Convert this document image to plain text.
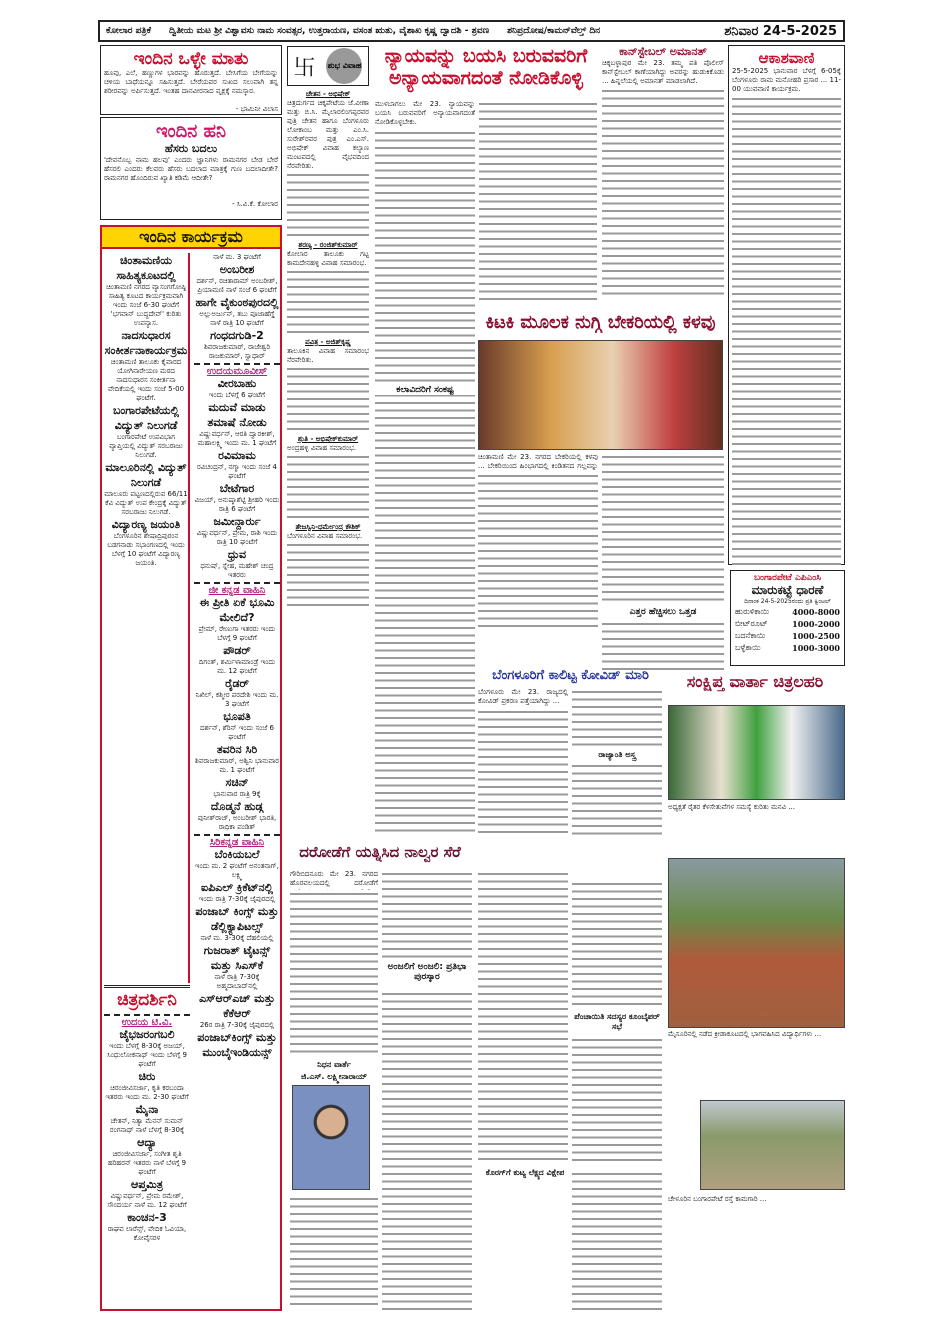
ಕೋಲಾರ ಪತ್ರಿಕೆ ದ್ವಿತೀಯ ಮಟ ಶ್ರೀ ವಿಶ್ವಾವಸು ನಾಮ ಸಂವತ್ಸರ, ಉತ್ತರಾಯಣ, ವಸಂತ ಋತು, ವೈಶಾಖ ಕೃಷ್ಣ ದ್ವಾದಶಿ - ಶ್ರವಣ ಶನಿಪ್ರದೋಷ/ಕಾಮನ್‌ವೆಲ್ತ್ ದಿನ	ಶನಿವಾರ 24-5-2025
ಇಂದಿನ ಒಳ್ಳೇ ಮಾತು
ಹೂವು, ಎಲೆ, ಹಣ್ಣುಗಳ ಭಾರವನ್ನು ಹೊರುತ್ತದೆ. ಬೇಸಿಗೆಯ ಬೇಗೆಯನ್ನು ಚಳಿಯ ಬಾಧೆಯನ್ನೂ ಸಹಿಸುತ್ತದೆ. ಬೇರೆಯವರ ಸುಖದ ಸಲುವಾಗಿ ತನ್ನ ಶರೀರವನ್ನು ಅರ್ಪಿಸುತ್ತದೆ. ಇಂತಹ ದಾನವೀರನಾದ ವೃಕ್ಷಕ್ಕೆ ನಮಸ್ಕಾರ.
- ಭಾಮಿನೀ ವಿಲಾಸ
ಇಂದಿನ ಹನಿ
ಹೆಸರು ಬದಲು
'ದೇವನೊಬ್ಬ ನಾಮ ಹಲವು' ಎಂದರು ಜ್ಞಾನಿಗಳು ರಾಮನಗರ ಬೇಡ ಬೇರೆ ಹೆಸರಲಿ ಎಂದರು ಕೆಲವರು ಹೆಸರು ಬದಲಾದ ಮಾತ್ರಕ್ಕೆ ಗುಣ ಬದಲಾದೀತೇ? ರಾಮನಗರ ಹೊಂದಿರುವ ಖ್ಯಾತಿ ಕಡಿಮೆ ಆದೀತೇ?
- ಸಿ.ವಿ.ಕೆ. ಕೋಲಾರ
ಇಂದಿನ ಕಾರ್ಯಕ್ರಮ
ಚಿಂತಾಮಣಿಯ ಸಾಹಿತ್ಯಕೂಟದಲ್ಲಿ
ಚಿಂತಾಮಣಿ ನಗರದ ವ್ಯಾಸಂಗಗೋಷ್ಠಿ ಸಾಹಿತ್ಯ ಕೂಟದ ಕಾರ್ಯಕ್ರಮವಾಗಿ ಇಂದು ಸಂಜೆ 6-30 ಘಂಟೆಗೆ 'ಭಗವಾನ್ ಬುದ್ಧದೇವ್' ಕುರಿತು ಉಪನ್ಯಾಸ.
ನಾದಸುಧಾರಸ ಸಂಕೀರ್ತನಾಕಾರ್ಯಕ್ರಮ
ಚಿಂತಾಮಣಿ ತಾಲೂಕು ಕೈವಾರದ ಯೋಗಿನಾರೇಯಣ ಮಠದ ನಾದಸುಧಾರಸ ಸಂಕೀರ್ತನಾ ವೇದಿಕೆಯಲ್ಲಿ ಇಂದು ಸಂಜೆ 5-00 ಘಂಟೆಗೆ.
ಬಂಗಾರಪೇಟೆಯಲ್ಲಿ ವಿದ್ಯುತ್ ನಿಲುಗಡೆ
ಬಂಗಾರಪೇಟೆ ಉಪವಿಭಾಗ ವ್ಯಾಪ್ತಿಯಲ್ಲಿ ವಿದ್ಯುತ್ ಸರಬರಾಜು ನಿಲುಗಡೆ.
ಮಾಲೂರಿನಲ್ಲಿ ವಿದ್ಯುತ್ ನಿಲುಗಡೆ
ಮಾಲೂರು ಪಟ್ಟಣದಲ್ಲಿರುವ 66/11 ಕೆವಿ ವಿದ್ಯುತ್ ಉಪ ಕೇಂದ್ರಕ್ಕೆ ವಿದ್ಯುತ್ ಸರಬರಾಜು ನಿಲುಗಡೆ.
ವಿದ್ಯಾರಣ್ಯ ಜಯಂತಿ
ಬೆಂಗಳೂರಿನ ಶೇಷಾದ್ರಿಪುರಂನ ಬಡಗನಾಡು ಸಭಾಂಗಣದಲ್ಲಿ ಇಂದು ಬೆಳಗ್ಗೆ 10 ಘಂಟೆಗೆ ವಿದ್ಯಾರಣ್ಯ ಜಯಂತಿ.
ನಾಳೆ ಮ. 3 ಘಂಟೆಗೆ
ಅಂಬರೀಶ
ದರ್ಶನ್, ರಚಿತಾರಾಮ್ ಅಂಬರೀಶ್, ಪ್ರಿಯಾಮಣಿ ನಾಳೆ ಸಂಜೆ 6 ಘಂಟೆಗೆ
ಹಾಗೇ ವೈಕುಂಠಪುರದಲ್ಲಿ
ಅಲ್ಲುಅರ್ಜುನ್, ತಬು ಪೂಜಾಹೆಗ್ಡೆ ನಾಳೆ ರಾತ್ರಿ 10 ಘಂಟೆಗೆ
ಗಂಧದಗುಡಿ-2
ಶಿವರಾಜಕುಮಾರ್, ರಾಜೇಶ್ವರಿ ರಾಜಕುಮಾರ್, ಸ್ವಾಧಾರ್
ಉದಯಮೂವೀಸ್
ವೀರಬಾಹು
ಇಂದು ಬೆಳಗ್ಗೆ 6 ಘಂಟೆಗೆ
ಮದುವೆ ಮಾಡು ತಮಾಷೆ ನೋಡು
ವಿಷ್ಣುವರ್ಧನ್, ಆರತಿ ದ್ವಾರಕೀಶ್, ಮಹಾಲಕ್ಷ್ಮಿ ಇಂದು ಮ. 1 ಘಂಟೆಗೆ
ರವಿಮಾಮ
ರವಿಚಂದ್ರನ್, ನಗ್ಮಾ ಇಂದು ಸಂಜೆ 4 ಘಂಟೆಗೆ
ಬೇಟೆಗಾರ
ವಿಜಯ್, ಅನುಷ್ಕಾಶೆಟ್ಟಿ ಶ್ರೀಹರಿ ಇಂದು ರಾತ್ರಿ 6 ಘಂಟೆಗೆ
ಜಮೀನ್ದಾರ್ರು
ವಿಷ್ಣುವರ್ಧನ್, ಪ್ರೇಮ, ರಾಶಿ ಇಂದು ರಾತ್ರಿ 10 ಘಂಟೆಗೆ
ಧ್ರುವ
ಧನುಷ್, ಸ್ನೇಹ, ಮಹೇಶ್ ಚಂದ್ರ ಇತರರು
ಜೀ ಕನ್ನಡ ವಾಹಿನಿ
ಈ ಪ್ರೀತಿ ಏಕೆ ಭೂಮಿ ಮೇಲಿದೆ?
ಪ್ರೇಮ್, ರೇಣುಗಾ ಇತರರು ಇಂದು ಬೆಳಗ್ಗೆ 9 ಘಂಟೆಗೆ
ಪೌಡರ್
ದಿಗಂತ್, ಶರ್ಮಿಳಾಮಾಂಡ್ರೆ ಇಂದು ಮ. 12 ಘಂಟೆಗೆ
ರೈಡರ್
ನಿಖಿಲ್, ಕಶ್ಮೀರ ಪರದೇಶಿ ಇಂದು ಮ. 3 ಘಂಟೆಗೆ
ಭೂಪತಿ
ದರ್ಶನ್, ಶೆರಿನ್ ಇಂದು ಸಂಜೆ 6 ಘಂಟೆಗೆ
ತವರಿನ ಸಿರಿ
ಶಿವರಾಜಕುಮಾರ್, ಅಶ್ವಿನಿ ಭಾನುವಾರ ಮ. 1 ಘಂಟೆಗೆ
ಸಚಿನ್
ಭಾನುವಾರ ರಾತ್ರಿ 9ಕ್ಕೆ
ದೊಡ್ಮನೆ ಹುಡ್ಗ
ಪುನೀತ್‌ರಾಜ್, ಅಂಬರೀಶ್ ಭಾರತಿ, ರಾಧಿಕಾ ಪಂಡಿತ್
ಸಿರಿಕನ್ನಡ ವಾಹಿನಿ
ಬೆಂಕಿಯಬಲೆ
ಇಂದು ಮ. 2 ಘಂಟೆಗೆ ಅನಂತನಾಗ್, ಲಕ್ಷ್ಮಿ
ಐಪಿಎಲ್ ಕ್ರಿಕೆಟ್‌ನಲ್ಲಿ
ಇಂದು ರಾತ್ರಿ 7-30ಕ್ಕೆ ಜೈಪುರದಲ್ಲಿ
ಪಂಜಾಬ್ ಕಿಂಗ್ಸ್ ಮತ್ತು ಡೆಲ್ಲಿಕ್ಯಾಪಿಟಲ್ಸ್
ನಾಳೆ ಮ. 3-30ಕ್ಕೆ ದೆಹಲಿಯಲ್ಲಿ
ಗುಜರಾತ್ ಟೈಟನ್ಸ್ ಮತ್ತು ಸಿಎಸ್‌ಕೆ
ನಾಳೆ ರಾತ್ರಿ 7-30ಕ್ಕೆ ಅಹ್ಮದಾಬಾದ್‌ನಲ್ಲಿ
ಎಸ್‌ಆರ್‌ಎಚ್ ಮತ್ತು ಕೆಕೆಆರ್
26ರ ರಾತ್ರಿ 7-30ಕ್ಕೆ ಜೈಪುರದಲ್ಲಿ
ಪಂಜಾಬ್‌ಕಿಂಗ್ಸ್ ಮತ್ತು ಮುಂಬೈಇಂಡಿಯನ್ಸ್
ಚಿತ್ರದರ್ಶಿನಿ
ಉದಯ ಟಿ.ವಿ.
ಜೈಭಜರಂಗಬಲಿ
ಇಂದು ಬೆಳಗ್ಗೆ 8-30ಕ್ಕೆ ಅಜಯ್, ಸಿಂಧುಲೋಕನಾಥ್ ಇಂದು ಬೆಳಗ್ಗೆ 9 ಘಂಟೆಗೆ
ಚಿರು
ಚಿರಂಜೀವಿಸರ್ಜಾ, ಕೃತಿ ಕರಬಂದಾ ಇತರರು ಇಂದು ಮ. 2-30 ಘಂಟೆಗೆ
ಮೈನಾ
ಚೇತನ್, ನಿತ್ಯಾ ಮೆನನ್ ಸುಮನ್ ರಂಗನಾಥ್ ನಾಳೆ ಬೆಳಗ್ಗೆ 8-30ಕ್ಕೆ
ಆದ್ಯಾ
ಚಿರಂಜೀವಿಸರ್ಜಾ, ಸಂಗೀತ ಶೃತಿ ಹರಿಹರನ್ ಇತರರು ನಾಳೆ ಬೆಳಗ್ಗೆ 9 ಘಂಟೆಗೆ
ಆಪ್ತಮಿತ್ರ
ವಿಷ್ಣುವರ್ಧನ್, ಪ್ರೇಮ ರಮೇಶ್, ಸೌಂದರ್ಯ ನಾಳೆ ಮ. 12 ಘಂಟೆಗೆ
ಕಾಂಚನ-3
ರಾಘವ ಲಾರೆನ್ಸ್, ವೇದಿಕ ಓವಿಯಾ, ಕೋವೈಸರಳ
卐 ಶುಭ ವಿವಾಹ
ಚೇತನ - ಅಭಿಷೇಕ್
ಚಿತ್ರದುರ್ಗದ ಚಿಕ್ಕಪೇಟೆಯ ಜೆ.ವೀಣಾ ಮತ್ತು ಬಿ.ಸಿ. ಮೈಲಾರಲಿಂಗಪ್ಪರವರ ಪುತ್ರಿ ಚೇತನ ಹಾಗೂ ಬೆಂಗಳೂರು ಲೋಕಾಂಬ ಮತ್ತು ಎಂ.ಸಿ. ಸುರೇಶ್‌ರವರ ಪುತ್ರ ಎಂ.ಎಸ್. ಅಭಿಷೇಕ್ ವಿವಾಹ ಕಲ್ಯಾಣ ಮಂಟಪದಲ್ಲಿ ವೈಭವದಿಂದ ನೆರವೇರಿತು.
ಶರಣ್ಯ - ರಂಜಿತ್‌ಕುಮಾರ್
ಕೋಲಾರ ತಾಲೂಕು ಗಟ್ಟ ಕಾಮದೇನಹಳ್ಳಿ ವಿವಾಹ ಸಮಾರಂಭ.
ಪವಿತ್ರ - ಅಜಿತ್‌ಕೃಷ್ಣ
ತಾಲೂಕಿನ ವಿವಾಹ ಸಮಾರಂಭ ನೆರವೇರಿತು.
ಶ್ರುತಿ - ಅಭಿಷೇಕ್‌ಕುಮಾರ್
ಅಂದ್ರಹಳ್ಳಿ ವಿವಾಹ ಸಮಾರಂಭ.
ತೇಜಸ್ವಿನಿ-ಧರ್ಮೇಂದ್ರ ಕೌಶಿಕ್
ಬೆಂಗಳೂರಿನ ವಿವಾಹ ಸಮಾರಂಭ.
ನ್ಯಾಯವನ್ನು ಬಯಸಿ ಬರುವವರಿಗೆ
ಅನ್ಯಾಯವಾಗದಂತೆ ನೋಡಿಕೊಳ್ಳಿ
ಮುಳಬಾಗಲು ಮೇ 23. ನ್ಯಾಯವನ್ನು ಬಯಸಿ ಬರುವವರಿಗೆ ಅನ್ಯಾಯವಾಗದಂತೆ ನೋಡಿಕೊಳ್ಳಬೇಕು.
ಕಲಾವಿದರಿಗೆ ಸಂಕಷ್ಟ
ಕಾನ್‌ಸ್ಟೇಬಲ್ ಅಮಾನತ್
ಚಿಕ್ಕಬಳ್ಳಾಪುರ ಮೇ 23. ತಮ್ಮ ಪತಿ ಪೊಲೀಸ್ ಕಾನ್‌ಸ್ಟೇಬಲ್ ಕಾಣೆಯಾಗಿದ್ದು ಅವರನ್ನು ಹುಡುಕಿಕೊಡು ... ಹಿನ್ನಲೆಯಲ್ಲಿ ಅಮಾನತ್ ಮಾಡಲಾಗಿದೆ.
ಆಕಾಶವಾಣಿ
25-5-2025 ಭಾನುವಾರ ಬೆಳಗ್ಗೆ 6-05ಕ್ಕೆ ಬೆಂಗಳೂರು ರಾಮ ಮನೋಹರಿ ಪ್ರಸಾರ ... 11-00 ಯುವವಾಣಿ ಕಾರ್ಯಕ್ರಮ.
ಕಿಟಕಿ ಮೂಲಕ ನುಗ್ಗಿ ಬೇಕರಿಯಲ್ಲಿ ಕಳವು
ಚಿಂತಾಮಣಿ ಮೇ 23. ನಗರದ ಬೇಕರಿಯಲ್ಲಿ ಕಳವು ... ಬೇಕರಿಯಿಂದ ಹಿಂಭಾಗದಲ್ಲಿ ಕಿಂಡಿತನದ ಗಲ್ಲವನ್ನು
ಎತ್ತರ ಹೆಚ್ಚಿಸಲು ಒತ್ತಡ
ಬೆಂಗಳೂರಿಗೆ ಕಾಲಿಟ್ಟ ಕೋವಿಡ್ ಮಾರಿ
ಬೆಂಗಳೂರು ಮೇ 23. ರಾಜ್ಯದಲ್ಲಿ ಕೋವಿಡ್ ಪ್ರಕರಣ ಪತ್ತೆಯಾಗಿದ್ದು ...
ರಾಜ್ಯಾಂತಿ ಅಸ್ತ್ರ
ಪೆಂಚಾಯಿತಿ ಸದಸ್ಯರ ಕೂಂಬೈಪರ್ ಸಭೆ
ಕೊರಗ್‌ಗೆ ಕುಟ್ಯ ಲೆಕ್ಷ್ಯದ ವಿಕ್ಷೇಪ
ಬಂಗಾರಪೇಟೆ ಎಪಿಎಂಸಿ
ಮಾರುಕಟ್ಟೆ ಧಾರಣೆ
ದಿನಾಂಕ 24-5-2025ರಂದು ಪ್ರತಿ ಕ್ವಿಂಟಲ್
ಹುರುಳಿಕಾಯಿ	4000-8000
ಬೀಟ್‌ರೂಟ್	1000-2000
ಬದನೆಕಾಯಿ	1000-2500
ಬಳ್ಳೆಕಾಯಿ	1000-3000
ಸಂಕ್ಷಿಪ್ತ ವಾರ್ತಾ ಚಿತ್ರಲಹರಿ
ಅಧ್ಯಕ್ಷತೆ ರೈತರ ಕೆಳಸೇತುವೆಗಳ ಸಮಸ್ಯೆ ಕುರಿತು ಮನವಿ ...
ಮೈಸೂರಿನಲ್ಲಿ ನಡೆದ ಕ್ರೀಡಾಕೂಟದಲ್ಲಿ ಭಾಗವಹಿಸಿದ ವಿದ್ಯಾರ್ಥಿಗಳು ...
ಚೇಳೂರಿನ ಬಂಗಾರಪೇಟೆ ರಸ್ತೆ ಕಾಮಗಾರಿ ...
ದರೋಡೆಗೆ ಯತ್ನಿಸಿದ ನಾಲ್ವರ ಸೆರೆ
ಗೌರಿಬಿದನೂರು ಮೇ 23. ನಗರದ ಹೊರವಲಯದಲ್ಲಿ ದರೋಡೆಗೆ
ಅಂಜಲಿಗೆ ಅಂಜಲಿ: ಪ್ರತಿಭಾ ಪುರಸ್ಕಾರ
ನಿಧನ ವಾರ್ತೆ
ಜಿ.ಎಸ್. ಲಕ್ಷ್ಮೀನಾರಾಯ್
